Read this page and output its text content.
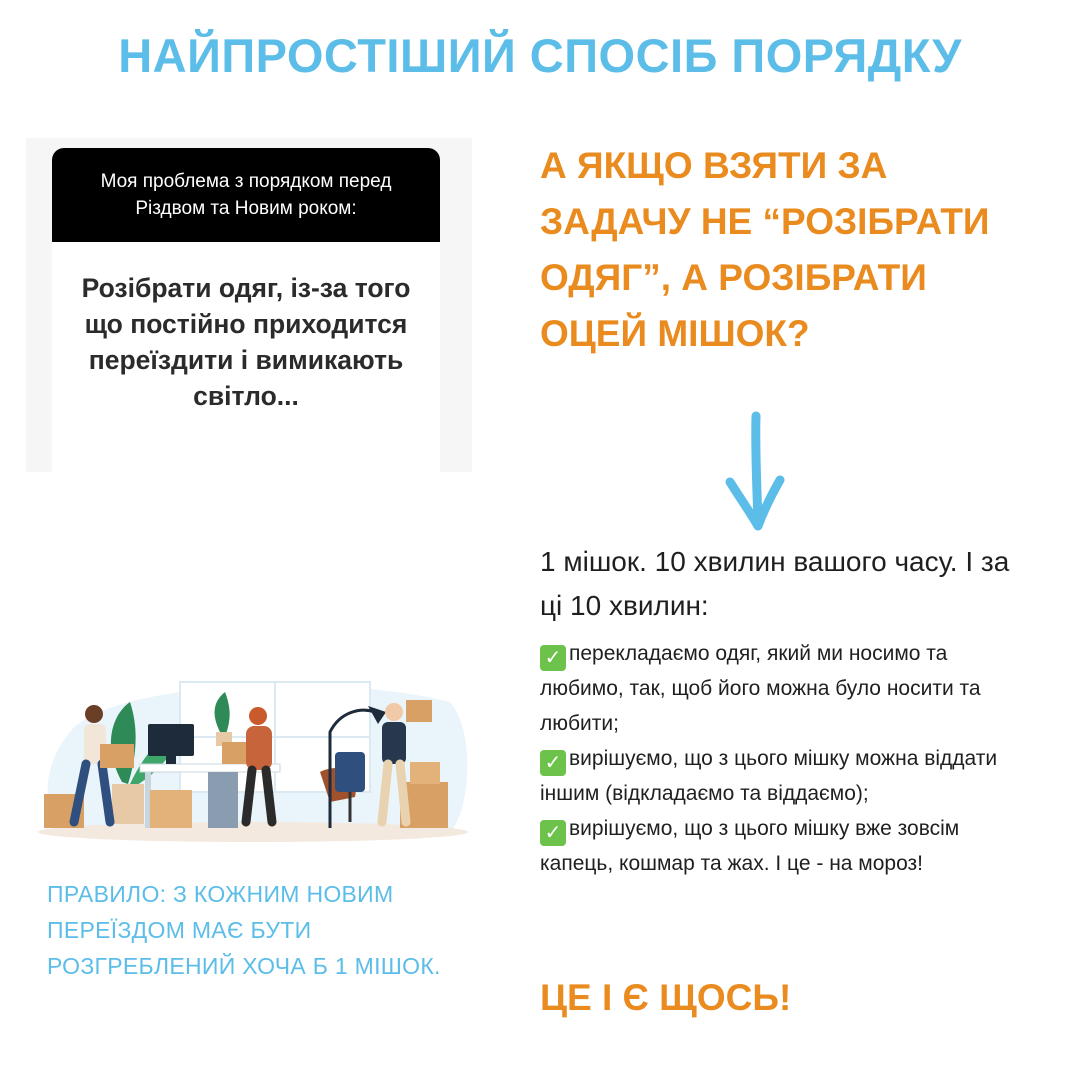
НАЙПРОСТІШИЙ СПОСІБ ПОРЯДКУ
Моя проблема з порядком перед Різдвом та Новим роком:
Розібрати одяг, із-за того що постійно приходится переїздити і вимикають світло...

А ЯКЩО ВЗЯТИ ЗА ЗАДАЧУ НЕ “РОЗІБРАТИ ОДЯГ”, А РОЗІБРАТИ ОЦЕЙ МІШОК?

1 мішок. 10 хвилин вашого часу. І за ці 10 хвилин:

✓ перекладаємо одяг, який ми носимо та любимо, так, щоб його можна було носити та любити;

✓ вирішуємо, що з цього мішку можна віддати іншим (відкладаємо та віддаємо);

✓ вирішуємо, що з цього мішку вже зовсім капець, кошмар та жах. І це - на мороз!

ЦЕ І Є ЩОСЬ!

ПРАВИЛО: З КОЖНИМ НОВИМ ПЕРЕЇЗДОМ МАЄ БУТИ РОЗГРЕБЛЕНИЙ ХОЧА Б 1 МІШОК.
